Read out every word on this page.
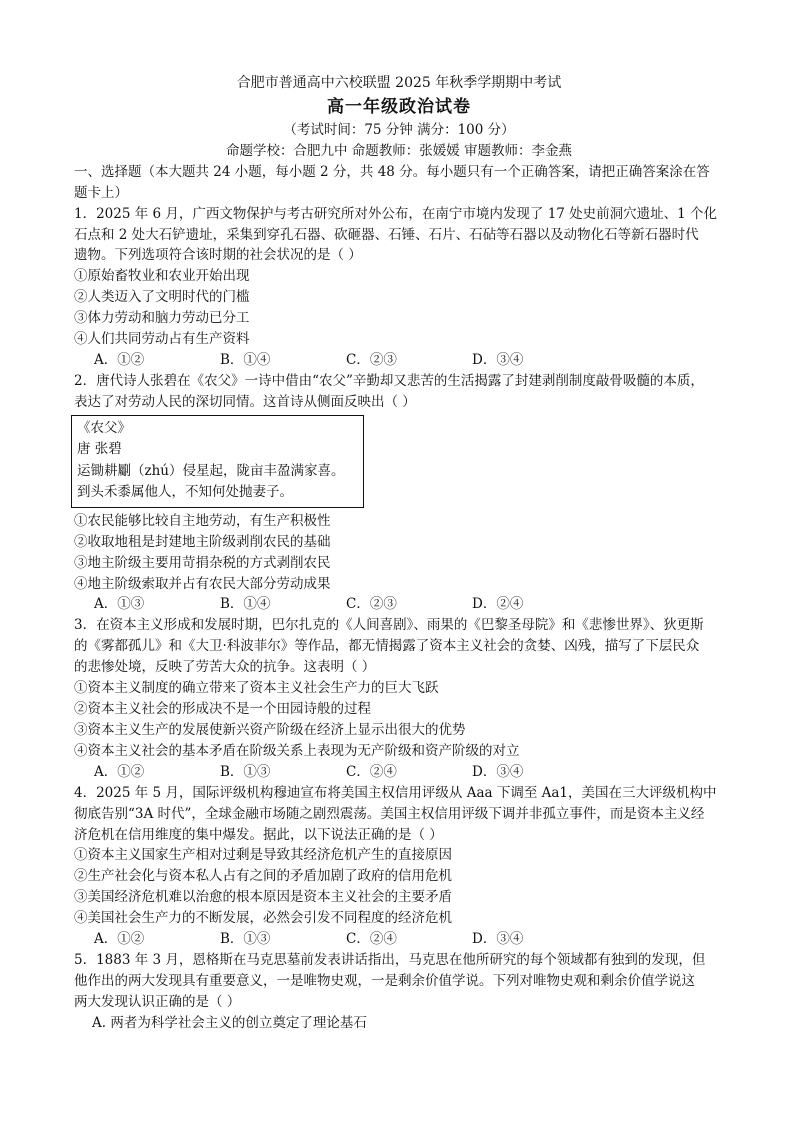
合肥市普通高中六校联盟 2025 年秋季学期期中考试
高一年级政治试卷
（考试时间：75 分钟 满分：100 分）
命题学校：合肥九中 命题教师：张媛媛 审题教师：李金燕
一、选择题（本大题共 24 小题，每小题 2 分，共 48 分。每小题只有一个正确答案，请把正确答案涂在答
题卡上）
1．2025 年 6 月，广西文物保护与考古研究所对外公布，在南宁市境内发现了 17 处史前洞穴遗址、1 个化
石点和 2 处大石铲遗址，采集到穿孔石器、砍砸器、石锤、石片、石砧等石器以及动物化石等新石器时代
遗物。下列选项符合该时期的社会状况的是（ ）
①原始畜牧业和农业开始出现
②人类迈入了文明时代的门槛
③体力劳动和脑力劳动已分工
④人们共同劳动占有生产资料
A．①②	B．①④	C．②③	D．③④
2．唐代诗人张碧在《农父》一诗中借由“农父”辛勤却又悲苦的生活揭露了封建剥削制度敲骨吸髓的本质，
表达了对劳动人民的深切同情。这首诗从侧面反映出（ ）
《农父》
唐 张碧
运锄耕劚（zhú）侵星起，陇亩丰盈满家喜。
到头禾黍属他人，不知何处抛妻子。
①农民能够比较自主地劳动，有生产积极性
②收取地租是封建地主阶级剥削农民的基础
③地主阶级主要用苛捐杂税的方式剥削农民
④地主阶级索取并占有农民大部分劳动成果
A．①③	B．①④	C．②③	D．②④
3．在资本主义形成和发展时期，巴尔扎克的《人间喜剧》、雨果的《巴黎圣母院》和《悲惨世界》、狄更斯
的《雾都孤儿》和《大卫·科波菲尔》等作品，都无情揭露了资本主义社会的贪婪、凶残，描写了下层民众
的悲惨处境，反映了劳苦大众的抗争。这表明（ ）
①资本主义制度的确立带来了资本主义社会生产力的巨大飞跃
②资本主义社会的形成决不是一个田园诗般的过程
③资本主义生产的发展使新兴资产阶级在经济上显示出很大的优势
④资本主义社会的基本矛盾在阶级关系上表现为无产阶级和资产阶级的对立
A．①②	B．①③	C．②④	D．③④
4．2025 年 5 月，国际评级机构穆迪宣布将美国主权信用评级从 Aaa 下调至 Aa1，美国在三大评级机构中
彻底告别“3A 时代”，全球金融市场随之剧烈震荡。美国主权信用评级下调并非孤立事件，而是资本主义经
济危机在信用维度的集中爆发。据此，以下说法正确的是（ ）
①资本主义国家生产相对过剩是导致其经济危机产生的直接原因
②生产社会化与资本私人占有之间的矛盾加剧了政府的信用危机
③美国经济危机难以治愈的根本原因是资本主义社会的主要矛盾
④美国社会生产力的不断发展，必然会引发不同程度的经济危机
A．①②	B．①③	C．②④	D．③④
5．1883 年 3 月，恩格斯在马克思墓前发表讲话指出，马克思在他所研究的每个领域都有独到的发现，但
他作出的两大发现具有重要意义，一是唯物史观，一是剩余价值学说。下列对唯物史观和剩余价值学说这
两大发现认识正确的是（ ）
A. 两者为科学社会主义的创立奠定了理论基石
